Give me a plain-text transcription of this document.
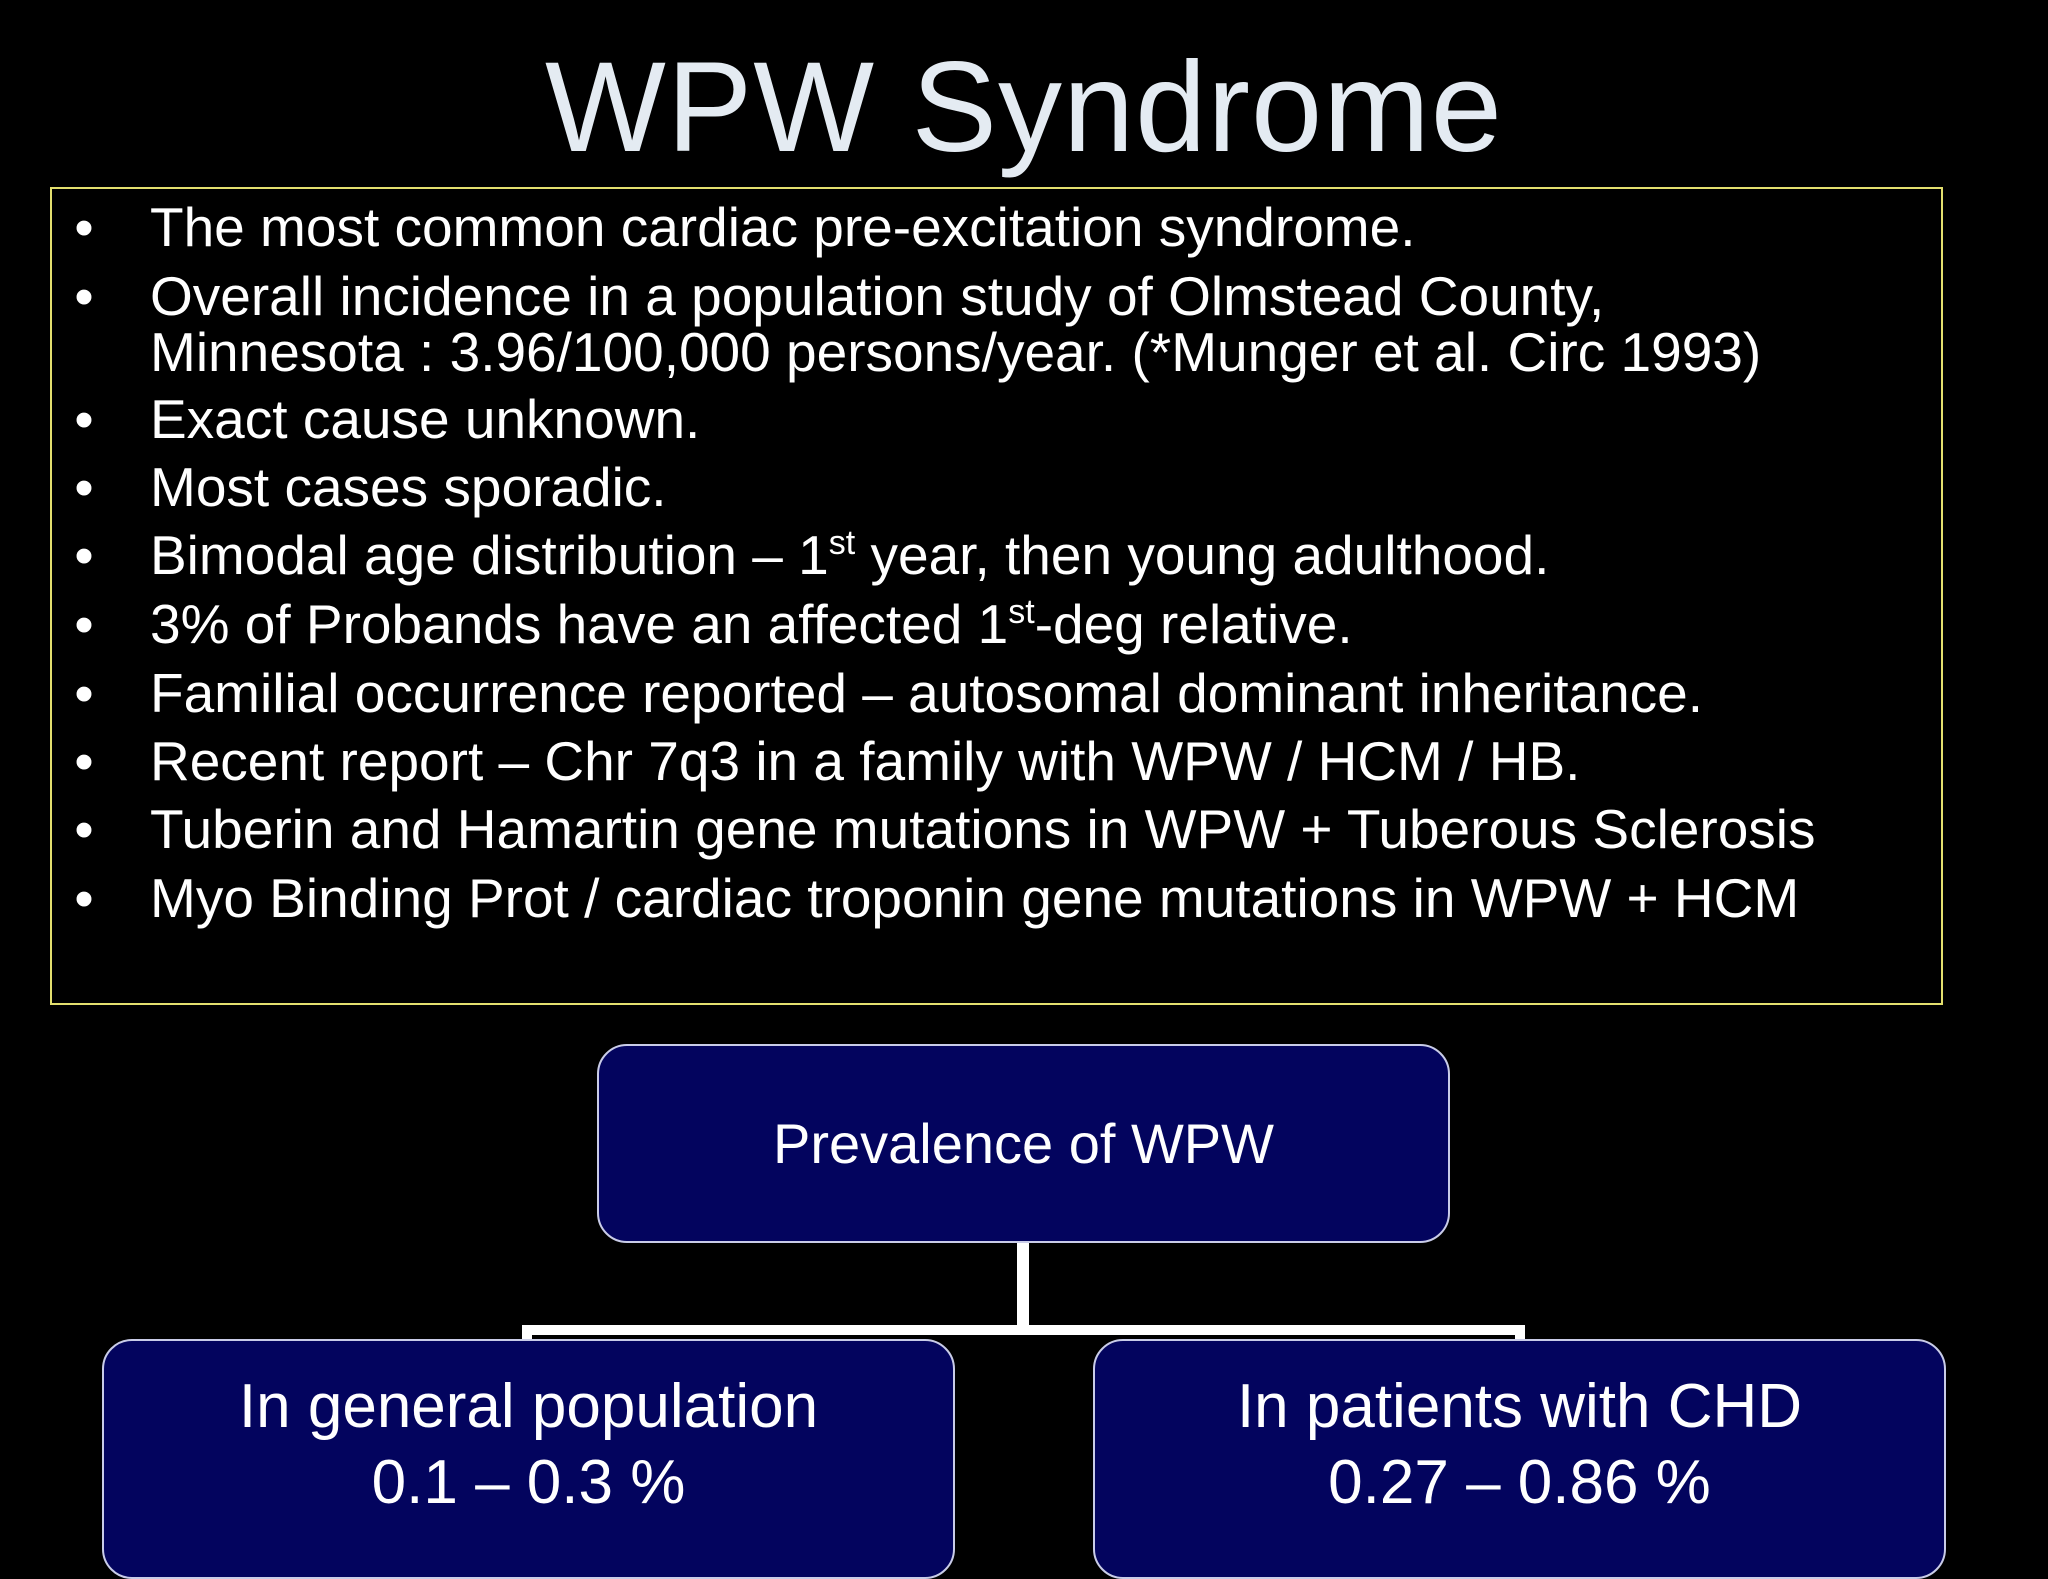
WPW Syndrome
• The most common cardiac pre-excitation syndrome.
• Overall incidence in a population study of Olmstead County,
Minnesota : 3.96/100,000 persons/year. (*Munger et al. Circ 1993)
• Exact cause unknown.
• Most cases sporadic.
• Bimodal age distribution – 1st year, then young adulthood.
• 3% of Probands have an affected 1st-deg relative.
• Familial occurrence reported – autosomal dominant inheritance.
• Recent report – Chr 7q3 in a family with WPW / HCM / HB.
• Tuberin and Hamartin gene mutations in WPW + Tuberous Sclerosis
• Myo Binding Prot / cardiac troponin gene mutations in WPW + HCM
Prevalence of WPW
In general population
0.1 – 0.3 %
In patients with CHD
0.27 – 0.86 %
